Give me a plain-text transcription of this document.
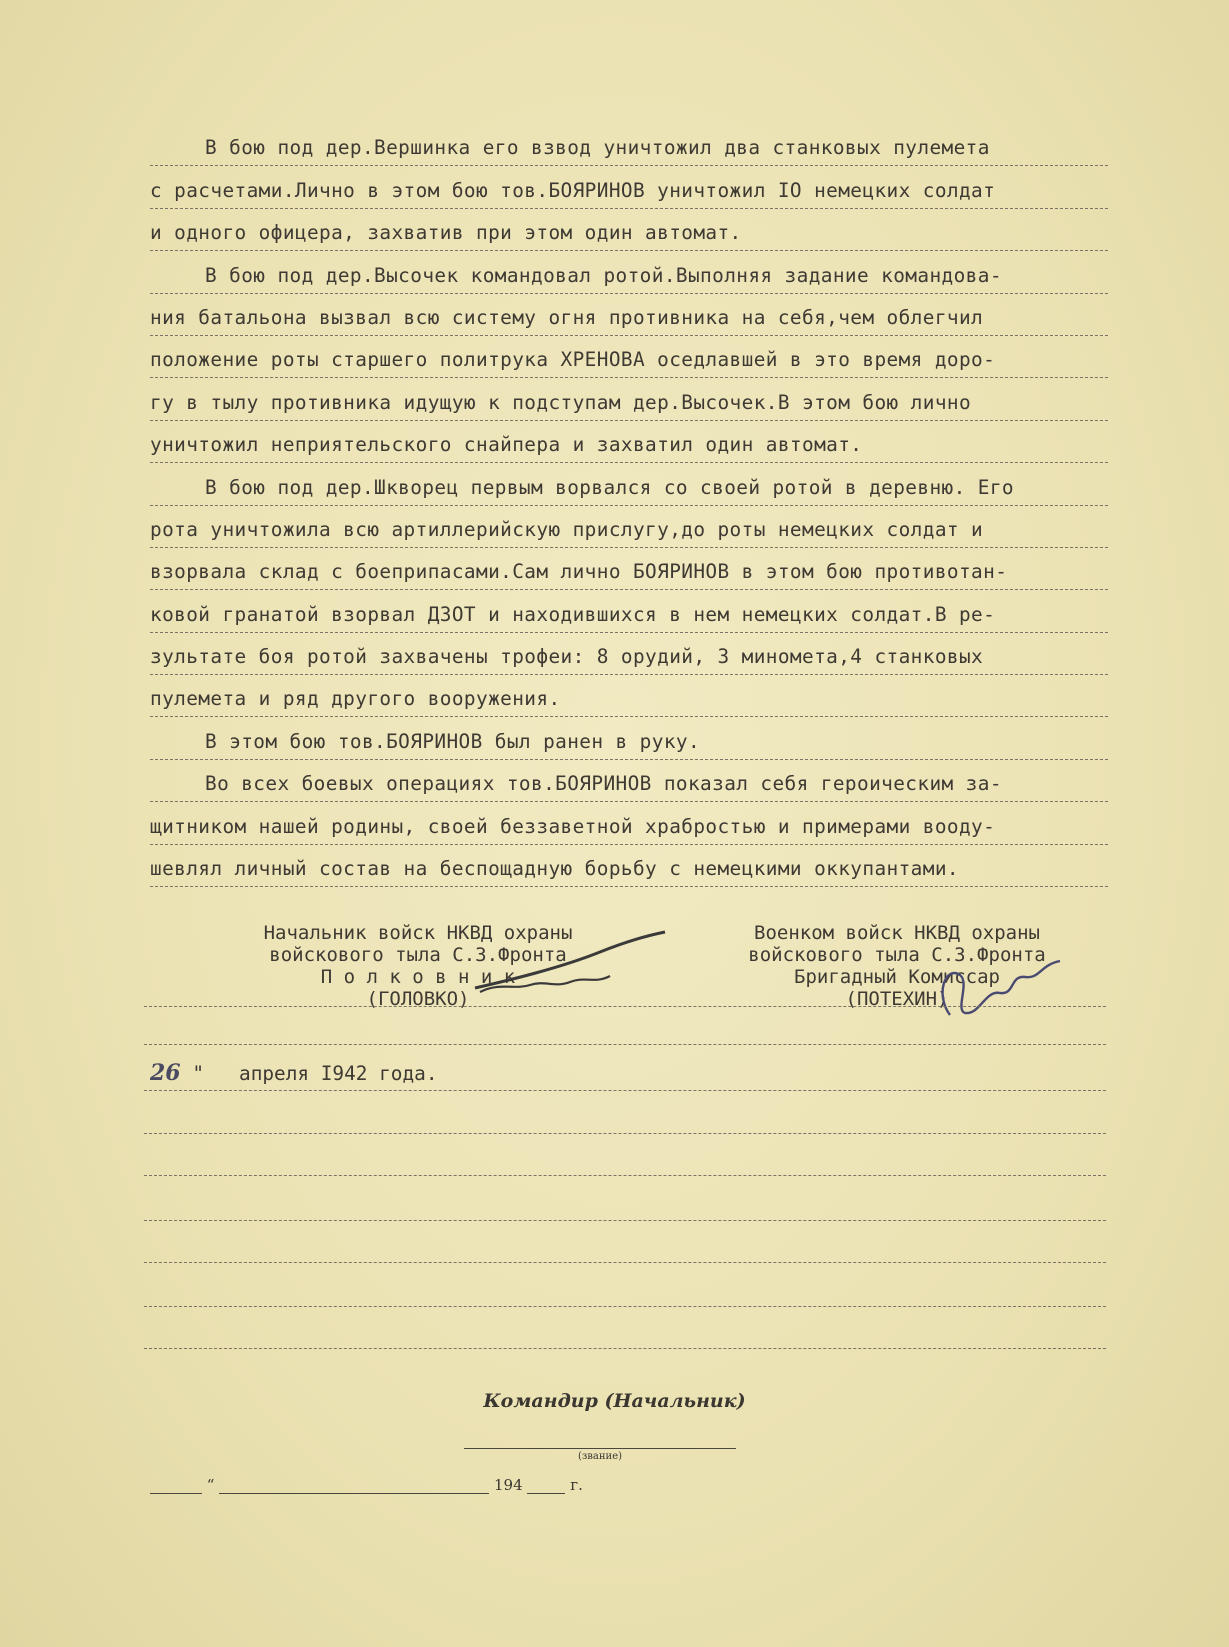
В бою под дер.Вершинка его взвод уничтожил два станковых пулемета
с расчетами.Лично в этом бою тов.БОЯРИНОВ уничтожил IO немецких солдат
и одного офицера, захватив при этом один автомат.
В бою под дер.Высочек командовал ротой.Выполняя задание командова-
ния батальона вызвал всю систему огня противника на себя,чем облегчил
положение роты старшего политрука ХРЕНОВА оседлавшей в это время доро-
гу в тылу противника идущую к подступам дер.Высочек.В этом бою лично
уничтожил неприятельского снайпера и захватил один автомат.
В бою под дер.Шкворец первым ворвался со своей ротой в деревню. Его
рота уничтожила всю артиллерийскую прислугу,до роты немецких солдат и
взорвала склад с боеприпасами.Сам лично БОЯРИНОВ в этом бою противотан-
ковой гранатой взорвал ДЗОТ и находившихся в нем немецких солдат.В ре-
зультате боя ротой захвачены трофеи: 8 орудий, 3 миномета,4 станковых
пулемета и ряд другого вооружения.
В этом бою тов.БОЯРИНОВ был ранен в руку.
Во всех боевых операциях тов.БОЯРИНОВ показал себя героическим за-
щитником нашей родины, своей беззаветной храбростью и примерами вооду-
шевлял личный состав на беспощадную борьбу с немецкими оккупантами.
Начальник войск НКВД охраны
войскового тыла С.З.Фронта
П о л к о в н и к
(ГОЛОВКО)
Военком войск НКВД охраны
войскового тыла С.З.Фронта
Бригадный Комиссар
(ПОТЕХИН)
26 " апреля I942 года.
Командир (Начальник)
(звание)
“	194	г.
